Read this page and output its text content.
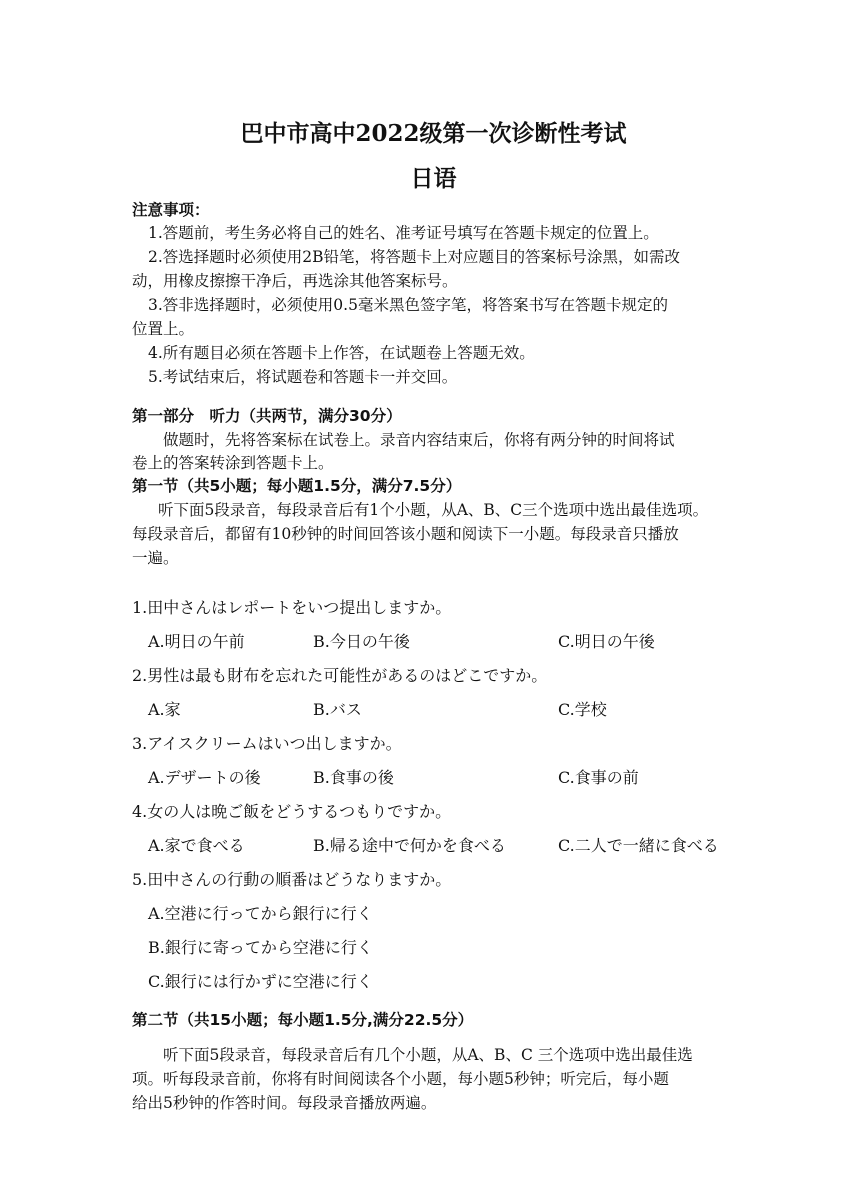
巴中市高中2022级第一次诊断性考试
日语
注意事项：
1.答题前，考生务必将自己的姓名、准考证号填写在答题卡规定的位置上。
2.答选择题时必须使用2B铅笔，将答题卡上对应题目的答案标号涂黑，如需改
动，用橡皮擦擦干净后，再选涂其他答案标号。
3.答非选择题时，必须使用0.5毫米黑色签字笔，将答案书写在答题卡规定的
位置上。
4.所有题目必须在答题卡上作答，在试题卷上答题无效。
5.考试结束后，将试题卷和答题卡一并交回。
第一部分　听力（共两节，满分30分）
做题时，先将答案标在试卷上。录音内容结束后，你将有两分钟的时间将试
卷上的答案转涂到答题卡上。
第一节（共5小题；每小题1.5分，满分7.5分）
听下面5段录音，每段录音后有1个小题，从A、B、C三个选项中选出最佳选项。
每段录音后，都留有10秒钟的时间回答该小题和阅读下一小题。每段录音只播放
一遍。
1.田中さんはレポートをいつ提出しますか。
A.明日の午前	B.今日の午後	C.明日の午後
2.男性は最も財布を忘れた可能性があるのはどこですか。
A.家	B.バス	C.学校
3.アイスクリームはいつ出しますか。
A.デザートの後	B.食事の後	C.食事の前
4.女の人は晩ご飯をどうするつもりですか。
A.家で食べる	B.帰る途中で何かを食べる	C.二人で一緒に食べる
5.田中さんの行動の順番はどうなりますか。
A.空港に行ってから銀行に行く
B.銀行に寄ってから空港に行く
C.銀行には行かずに空港に行く
第二节（共15小题；每小题1.5分,满分22.5分）
听下面5段录音，每段录音后有几个小题，从A、B、C 三个选项中选出最佳选
项。听每段录音前，你将有时间阅读各个小题，每小题5秒钟；听完后，每小题
给出5秒钟的作答时间。每段录音播放两遍。
